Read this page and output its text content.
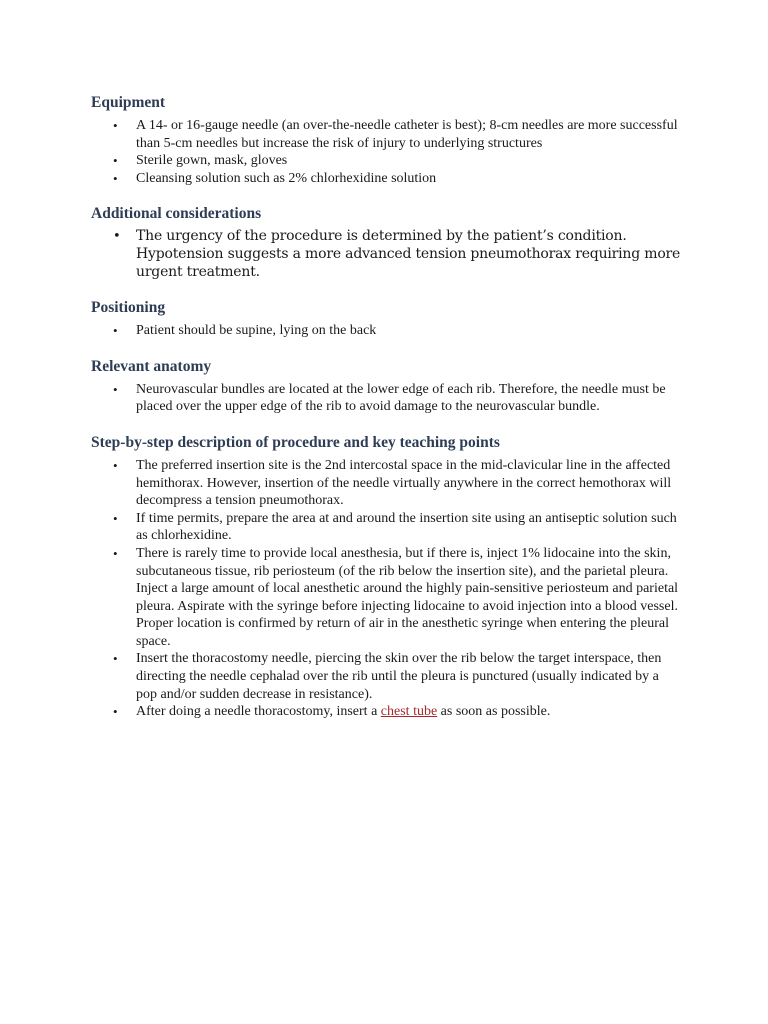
Equipment
• A 14- or 16-gauge needle (an over-the-needle catheter is best); 8-cm needles are more successful than 5-cm needles but increase the risk of injury to underlying structures
• Sterile gown, mask, gloves
• Cleansing solution such as 2% chlorhexidine solution
Additional considerations
• The urgency of the procedure is determined by the patient’s condition. Hypotension suggests a more advanced tension pneumothorax requiring more urgent treatment.
Positioning
• Patient should be supine, lying on the back
Relevant anatomy
• Neurovascular bundles are located at the lower edge of each rib. Therefore, the needle must be placed over the upper edge of the rib to avoid damage to the neurovascular bundle.
Step-by-step description of procedure and key teaching points
• The preferred insertion site is the 2nd intercostal space in the mid-clavicular line in the affected hemithorax. However, insertion of the needle virtually anywhere in the correct hemothorax will decompress a tension pneumothorax.
• If time permits, prepare the area at and around the insertion site using an antiseptic solution such as chlorhexidine.
• There is rarely time to provide local anesthesia, but if there is, inject 1% lidocaine into the skin, subcutaneous tissue, rib periosteum (of the rib below the insertion site), and the parietal pleura. Inject a large amount of local anesthetic around the highly pain-sensitive periosteum and parietal pleura. Aspirate with the syringe before injecting lidocaine to avoid injection into a blood vessel. Proper location is confirmed by return of air in the anesthetic syringe when entering the pleural space.
• Insert the thoracostomy needle, piercing the skin over the rib below the target interspace, then directing the needle cephalad over the rib until the pleura is punctured (usually indicated by a pop and/or sudden decrease in resistance).
• After doing a needle thoracostomy, insert a chest tube as soon as possible.
